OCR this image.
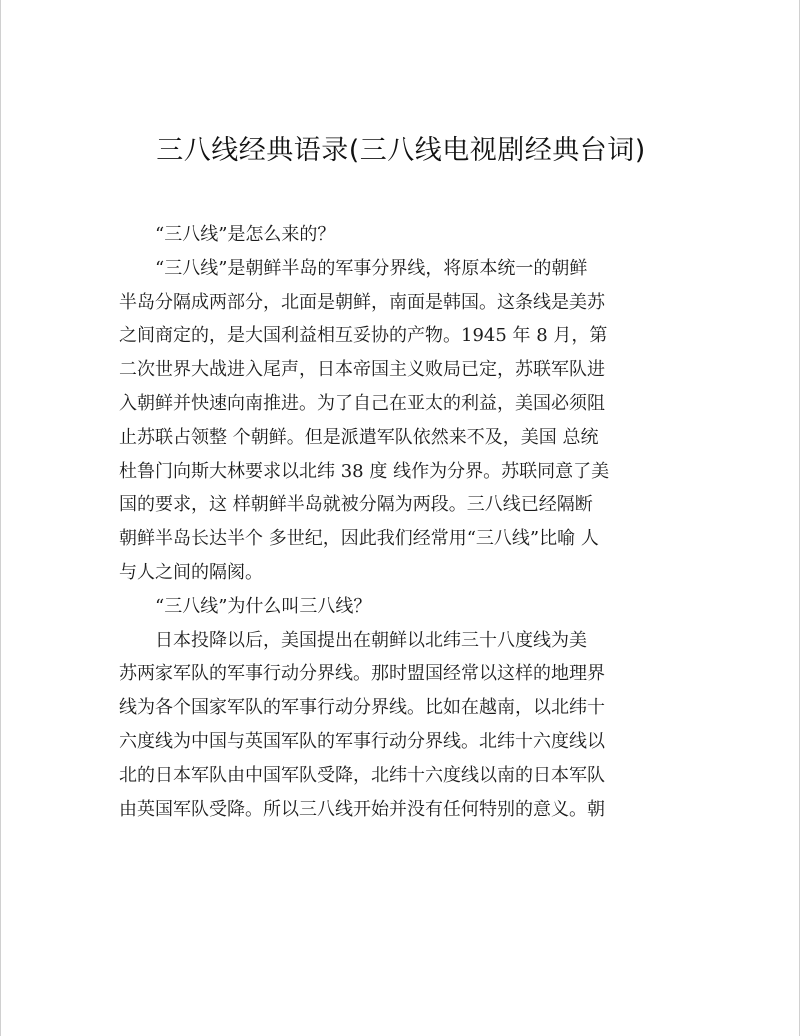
三八线经典语录(三八线电视剧经典台词)

　　“三八线”是怎么来的？

　　“三八线”是朝鲜半岛的军事分界线，将原本统一的朝鲜

半岛分隔成两部分，北面是朝鲜，南面是韩国。这条线是美苏

之间商定的，是大国利益相互妥协的产物。1945 年 8 月，第

二次世界大战进入尾声，日本帝国主义败局已定，苏联军队进

入朝鲜并快速向南推进。为了自己在亚太的利益，美国必须阻

止苏联占领整 个朝鲜。但是派遣军队依然来不及，美国 总统

杜鲁门向斯大林要求以北纬 38 度 线作为分界。苏联同意了美

国的要求，这 样朝鲜半岛就被分隔为两段。三八线已经隔断

朝鲜半岛长达半个 多世纪，因此我们经常用“三八线”比喻 人

与人之间的隔阂。

　　“三八线”为什么叫三八线？

　　日本投降以后，美国提出在朝鲜以北纬三十八度线为美

苏两家军队的军事行动分界线。那时盟国经常以这样的地理界

线为各个国家军队的军事行动分界线。比如在越南，以北纬十

六度线为中国与英国军队的军事行动分界线。北纬十六度线以

北的日本军队由中国军队受降，北纬十六度线以南的日本军队

由英国军队受降。所以三八线开始并没有任何特别的意义。朝
